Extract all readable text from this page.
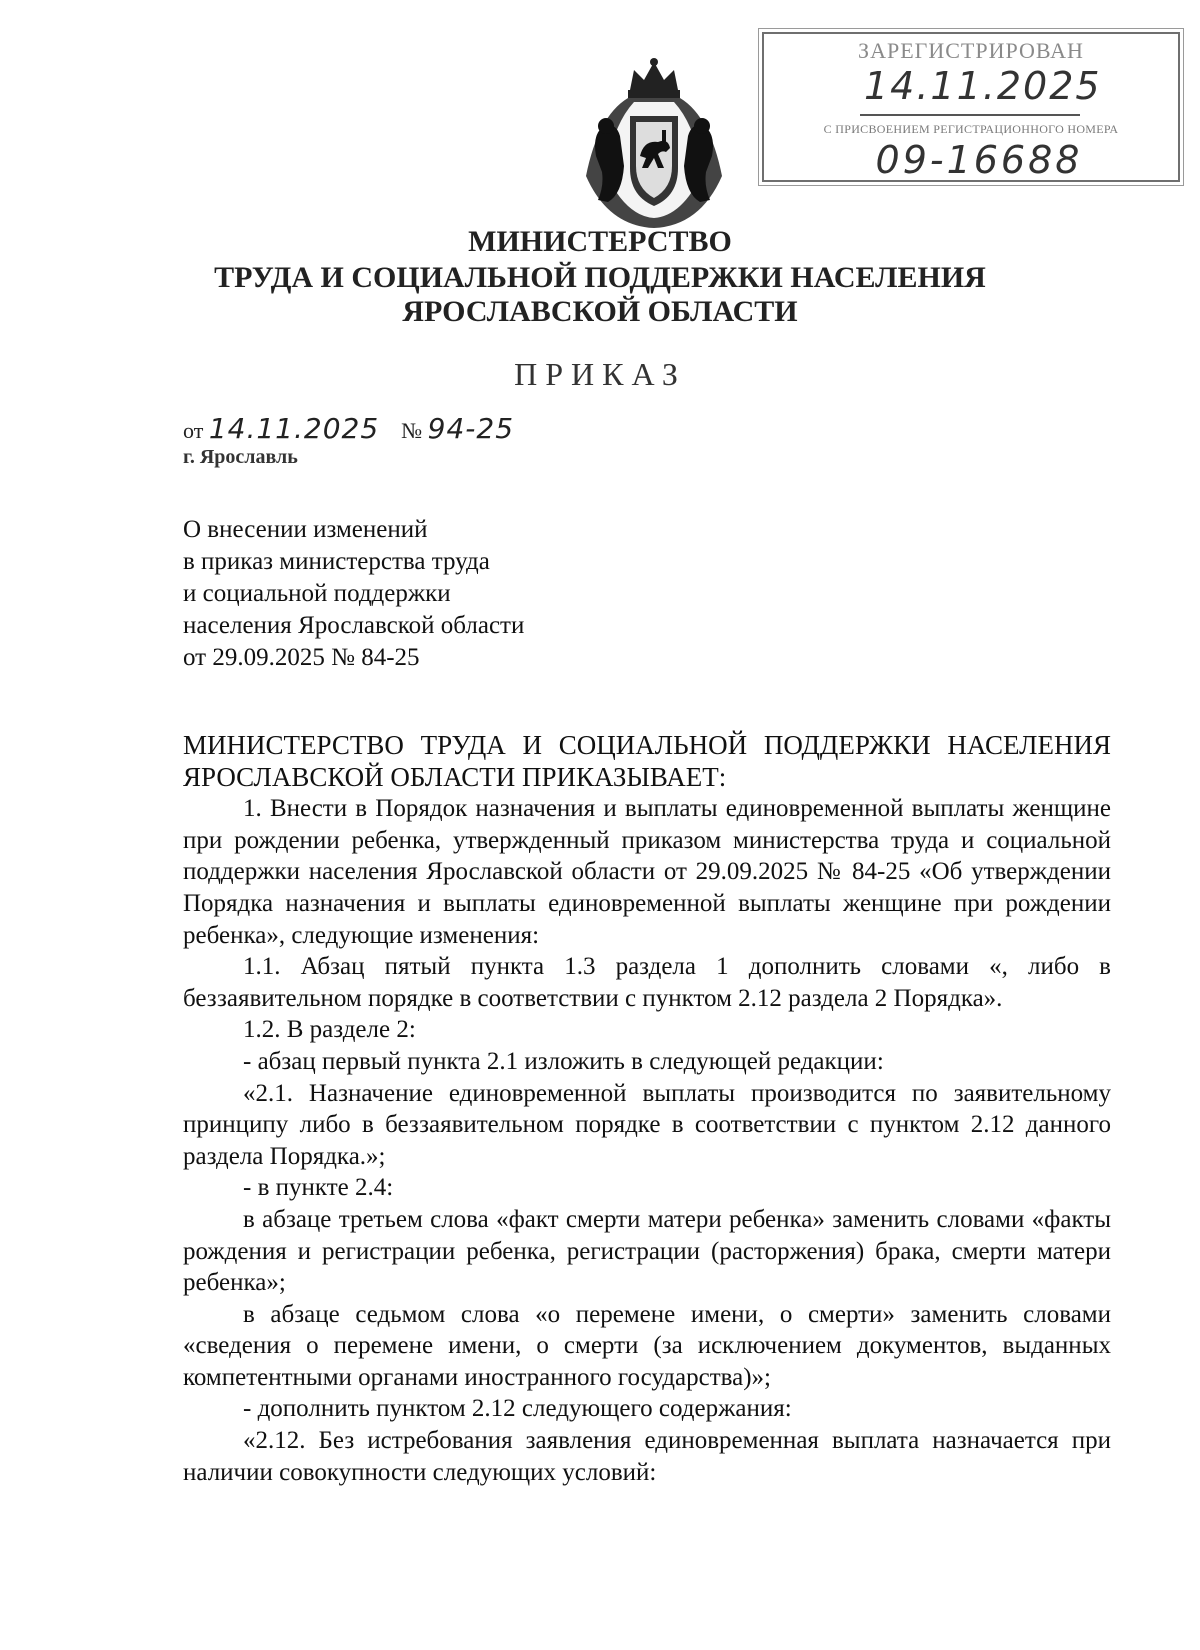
ЗАРЕГИСТРИРОВАН
14.11.2025
С ПРИСВОЕНИЕМ РЕГИСТРАЦИОННОГО НОМЕРА
09-16688
МИНИСТЕРСТВО
ТРУДА И СОЦИАЛЬНОЙ ПОДДЕРЖКИ НАСЕЛЕНИЯ
ЯРОСЛАВСКОЙ ОБЛАСТИ
ПРИКАЗ
от 14.11.2025 № 94-25
г. Ярославль
О внесении изменений
в приказ министерства труда
и социальной поддержки
населения Ярославской области
от 29.09.2025 № 84-25

МИНИСТЕРСТВО ТРУДА И СОЦИАЛЬНОЙ ПОДДЕРЖКИ НАСЕЛЕНИЯ ЯРОСЛАВСКОЙ ОБЛАСТИ ПРИКАЗЫВАЕТ:

1. Внести в Порядок назначения и выплаты единовременной выплаты женщине при рождении ребенка, утвержденный приказом министерства труда и социальной поддержки населения Ярославской области от 29.09.2025 № 84-25 «Об утверждении Порядка назначения и выплаты единовременной выплаты женщине при рождении ребенка», следующие изменения:

1.1. Абзац пятый пункта 1.3 раздела 1 дополнить словами «, либо в беззаявительном порядке в соответствии с пунктом 2.12 раздела 2 Порядка».

1.2. В разделе 2:

- абзац первый пункта 2.1 изложить в следующей редакции:

«2.1. Назначение единовременной выплаты производится по заявительному принципу либо в беззаявительном порядке в соответствии с пунктом 2.12 данного раздела Порядка.»;

- в пункте 2.4:

в абзаце третьем слова «факт смерти матери ребенка» заменить словами «факты рождения и регистрации ребенка, регистрации (расторжения) брака, смерти матери ребенка»;

в абзаце седьмом слова «о перемене имени, о смерти» заменить словами «сведения о перемене имени, о смерти (за исключением документов, выданных компетентными органами иностранного государства)»;

- дополнить пунктом 2.12 следующего содержания:

«2.12. Без истребования заявления единовременная выплата назначается при наличии совокупности следующих условий:
